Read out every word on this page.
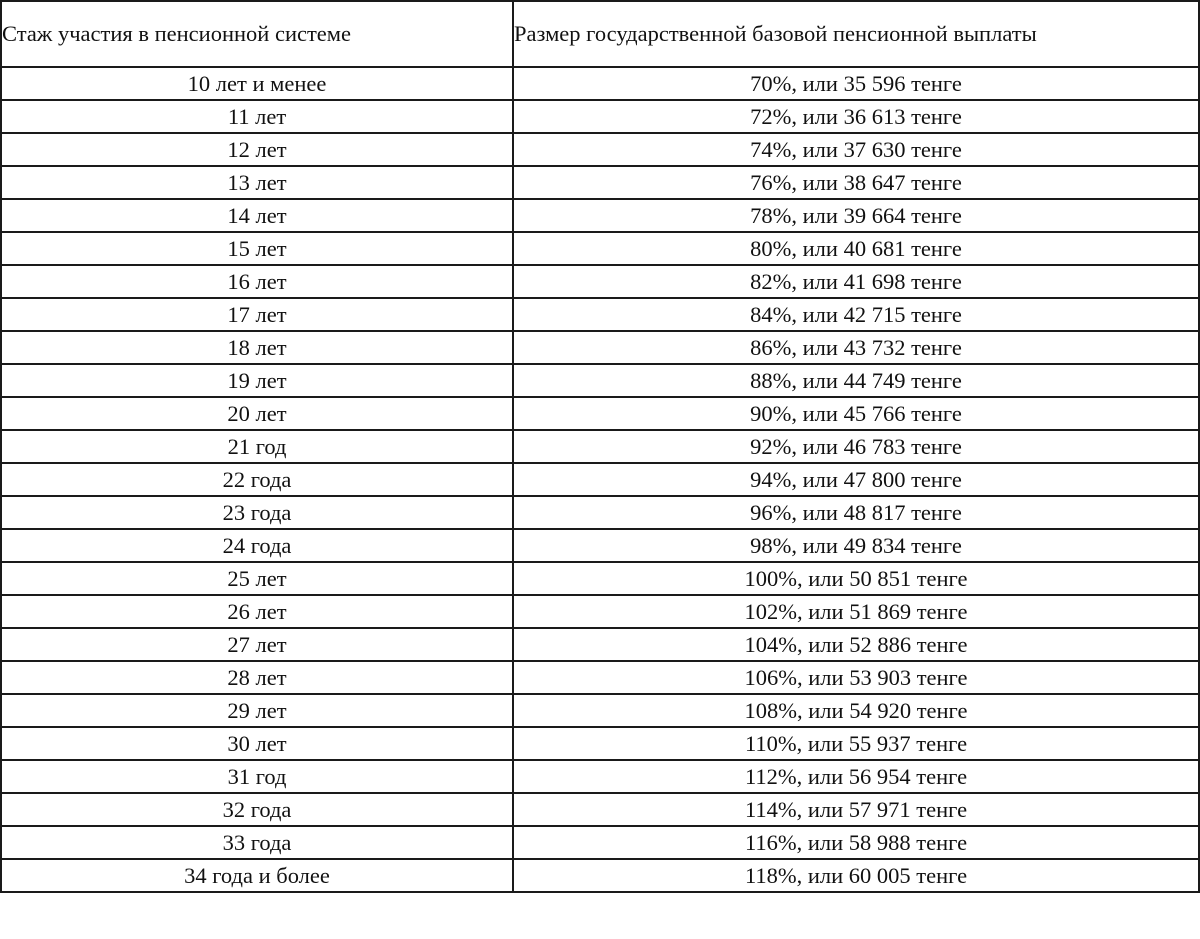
Стаж участия в пенсионной системе	Размер государственной базовой пенсионной выплаты
10 лет и менее	70%, или 35 596 тенге
11 лет	72%, или 36 613 тенге
12 лет	74%, или 37 630 тенге
13 лет	76%, или 38 647 тенге
14 лет	78%, или 39 664 тенге
15 лет	80%, или 40 681 тенге
16 лет	82%, или 41 698 тенге
17 лет	84%, или 42 715 тенге
18 лет	86%, или 43 732 тенге
19 лет	88%, или 44 749 тенге
20 лет	90%, или 45 766 тенге
21 год	92%, или 46 783 тенге
22 года	94%, или 47 800 тенге
23 года	96%, или 48 817 тенге
24 года	98%, или 49 834 тенге
25 лет	100%, или 50 851 тенге
26 лет	102%, или 51 869 тенге
27 лет	104%, или 52 886 тенге
28 лет	106%, или 53 903 тенге
29 лет	108%, или 54 920 тенге
30 лет	110%, или 55 937 тенге
31 год	112%, или 56 954 тенге
32 года	114%, или 57 971 тенге
33 года	116%, или 58 988 тенге
34 года и более	118%, или 60 005 тенге
